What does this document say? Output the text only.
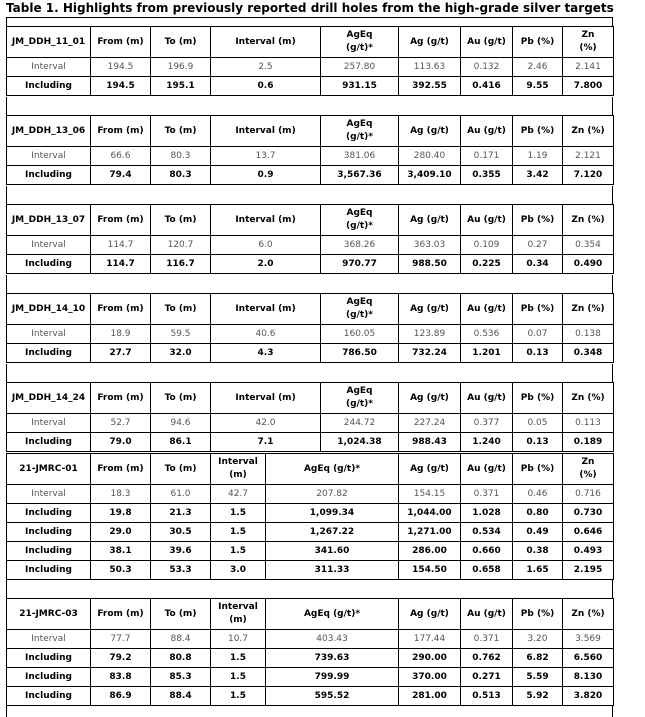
Table 1. Highlights from previously reported drill holes from the high-grade silver targets
JM_DDH_11_01	From (m)	To (m)	Interval (m)	AgEq
(g/t)*	Ag (g/t)	Au (g/t)	Pb (%)	Zn
(%)
Interval	194.5	196.9	2.5	257.80	113.63	0.132	2.46	2.141
Including	194.5	195.1	0.6	931.15	392.55	0.416	9.55	7.800
JM_DDH_13_06	From (m)	To (m)	Interval (m)	AgEq
(g/t)*	Ag (g/t)	Au (g/t)	Pb (%)	Zn (%)
Interval	66.6	80.3	13.7	381.06	280.40	0.171	1.19	2.121
Including	79.4	80.3	0.9	3,567.36	3,409.10	0.355	3.42	7.120
JM_DDH_13_07	From (m)	To (m)	Interval (m)	AgEq
(g/t)*	Ag (g/t)	Au (g/t)	Pb (%)	Zn (%)
Interval	114.7	120.7	6.0	368.26	363.03	0.109	0.27	0.354
Including	114.7	116.7	2.0	970.77	988.50	0.225	0.34	0.490
JM_DDH_14_10	From (m)	To (m)	Interval (m)	AgEq
(g/t)*	Ag (g/t)	Au (g/t)	Pb (%)	Zn (%)
Interval	18.9	59.5	40.6	160.05	123.89	0.536	0.07	0.138
Including	27.7	32.0	4.3	786.50	732.24	1.201	0.13	0.348
JM_DDH_14_24	From (m)	To (m)	Interval (m)	AgEq
(g/t)*	Ag (g/t)	Au (g/t)	Pb (%)	Zn (%)
Interval	52.7	94.6	42.0	244.72	227.24	0.377	0.05	0.113
Including	79.0	86.1	7.1	1,024.38	988.43	1.240	0.13	0.189
21-JMRC-01	From (m)	To (m)	Interval
(m)	AgEq (g/t)*	Ag (g/t)	Au (g/t)	Pb (%)	Zn
(%)
Interval	18.3	61.0	42.7	207.82	154.15	0.371	0.46	0.716
Including	19.8	21.3	1.5	1,099.34	1,044.00	1.028	0.80	0.730
Including	29.0	30.5	1.5	1,267.22	1,271.00	0.534	0.49	0.646
Including	38.1	39.6	1.5	341.60	286.00	0.660	0.38	0.493
Including	50.3	53.3	3.0	311.33	154.50	0.658	1.65	2.195
21-JMRC-03	From (m)	To (m)	Interval
(m)	AgEq (g/t)*	Ag (g/t)	Au (g/t)	Pb (%)	Zn (%)
Interval	77.7	88.4	10.7	403.43	177.44	0.371	3.20	3.569
Including	79.2	80.8	1.5	739.63	290.00	0.762	6.82	6.560
Including	83.8	85.3	1.5	799.99	370.00	0.271	5.59	8.130
Including	86.9	88.4	1.5	595.52	281.00	0.513	5.92	3.820
